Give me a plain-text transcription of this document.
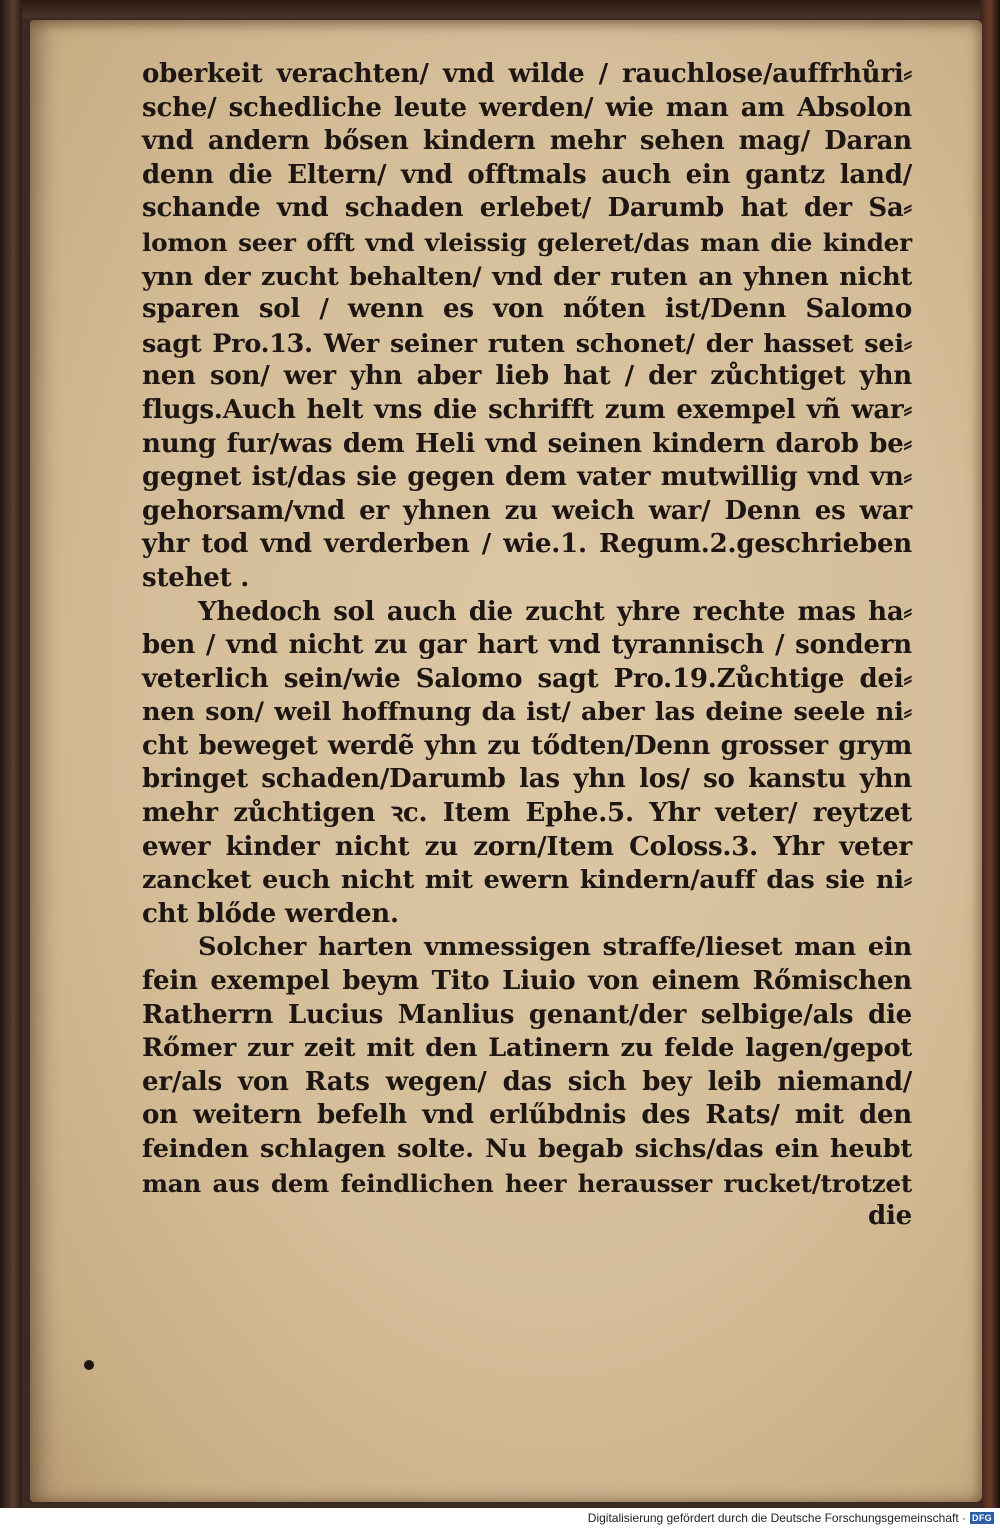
oberkeit verachten/ vnd wilde / rauchlose/auffrhůri⸗
sche/ schedliche leute werden/ wie man am Absolon
vnd andern bősen kindern mehr sehen mag/ Daran
denn die Eltern/ vnd offtmals auch ein gantz land/
schande vnd schaden erlebet/ Darumb hat der Sa⸗
lomon seer offt vnd vleissig geleret/das man die kinder
ynn der zucht behalten/ vnd der ruten an yhnen nicht
sparen sol / wenn es von nőten ist/Denn Salomo
sagt Pro.13. Wer seiner ruten schonet/ der hasset sei⸗
nen son/ wer yhn aber lieb hat / der zůchtiget yhn
flugs.Auch helt vns die schrifft zum exempel vñ war⸗
nung fur/was dem Heli vnd seinen kindern darob be⸗
gegnet ist/das sie gegen dem vater mutwillig vnd vn⸗
gehorsam/vnd er yhnen zu weich war/ Denn es war
yhr tod vnd verderben / wie.1. Regum.2.geschrieben
stehet .
Yhedoch sol auch die zucht yhre rechte mas ha⸗
ben / vnd nicht zu gar hart vnd tyrannisch / sondern
veterlich sein/wie Salomo sagt Pro.19.Zůchtige dei⸗
nen son/ weil hoffnung da ist/ aber las deine seele ni⸗
cht beweget werdẽ yhn zu tődten/Denn grosser grym
bringet schaden/Darumb las yhn los/ so kanstu yhn
mehr zůchtigen ꝛc. Item Ephe.5. Yhr veter/ reytzet
ewer kinder nicht zu zorn/Item Coloss.3. Yhr veter
zancket euch nicht mit ewern kindern/auff das sie ni⸗
cht blőde werden.
Solcher harten vnmessigen straffe/lieset man ein
fein exempel beym Tito Liuio von einem Rőmischen
Ratherrn Lucius Manlius genant/der selbige/als die
Rőmer zur zeit mit den Latinern zu felde lagen/gepot
er/als von Rats wegen/ das sich bey leib niemand/
on weitern befelh vnd erlűbdnis des Rats/ mit den
feinden schlagen solte. Nu begab sichs/das ein heubt
man aus dem feindlichen heer herausser rucket/trotzet
die
Digitalisierung gefördert durch die Deutsche Forschungsgemeinschaft · DFG
